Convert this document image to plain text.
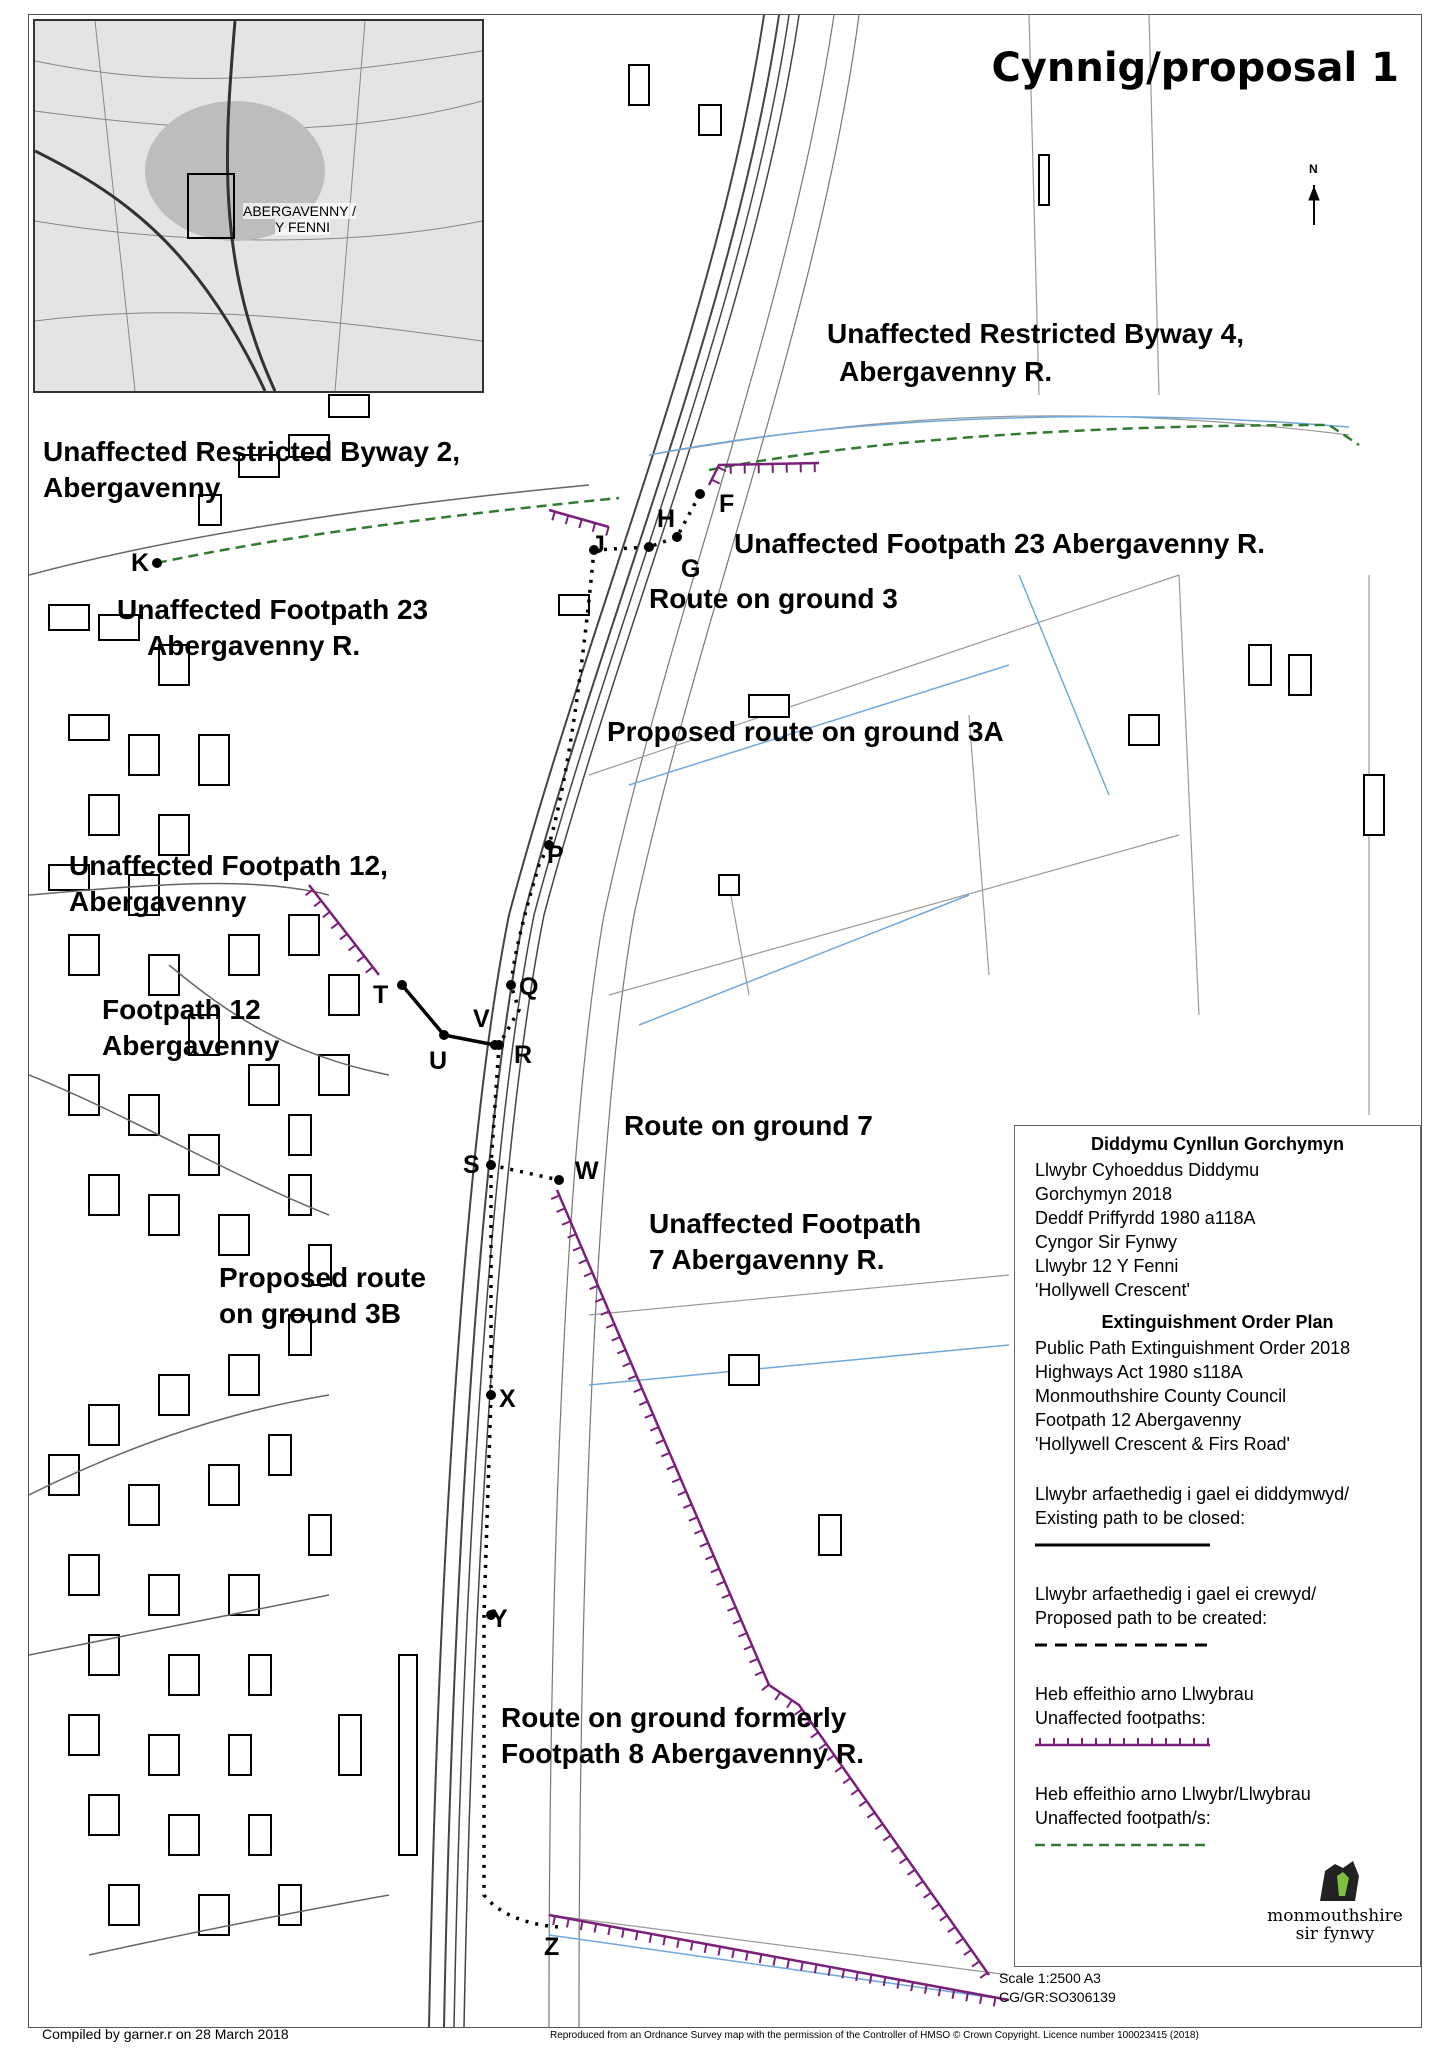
ABERGAVENNY /
Y FENNI
Cynnig/proposal 1
N
Unaffected Restricted Byway 4,
Abergavenny R.
Unaffected Restricted Byway 2,
Abergavenny
Unaffected Footpath 23 Abergavenny R.
Route on ground 3
Unaffected Footpath 23
Abergavenny R.
Proposed route on ground 3A
Unaffected Footpath 12,
Abergavenny
Footpath 12
Abergavenny
Route on ground 7
Unaffected Footpath
7 Abergavenny R.
Proposed route
on ground 3B
Route on ground formerly
Footpath 8 Abergavenny R.
K
J
H
G
F
P
Q
T
V
U	R
S	W
X
Y
Z
Diddymu Cynllun Gorchymyn
Llwybr Cyhoeddus Diddymu
Gorchymyn 2018
Deddf Priffyrdd 1980 a118A
Cyngor Sir Fynwy
Llwybr 12 Y Fenni
'Hollywell Crescent'
Extinguishment Order Plan
Public Path Extinguishment Order 2018
Highways Act 1980 s118A
Monmouthshire County Council
Footpath 12 Abergavenny
'Hollywell Crescent & Firs Road'
Llwybr arfaethedig i gael ei diddymwyd/
Existing path to be closed:
Llwybr arfaethedig i gael ei crewyd/
Proposed path to be created:
Heb effeithio arno Llwybrau
Unaffected footpaths:
Heb effeithio arno Llwybr/Llwybrau
Unaffected footpath/s:
monmouthshire
sir fynwy
Scale 1:2500 A3
CG/GR:SO306139
Compiled by garner.r on 28 March 2018	Reproduced from an Ordnance Survey map with the permission of the Controller of HMSO © Crown Copyright. Licence number 100023415 (2018)
